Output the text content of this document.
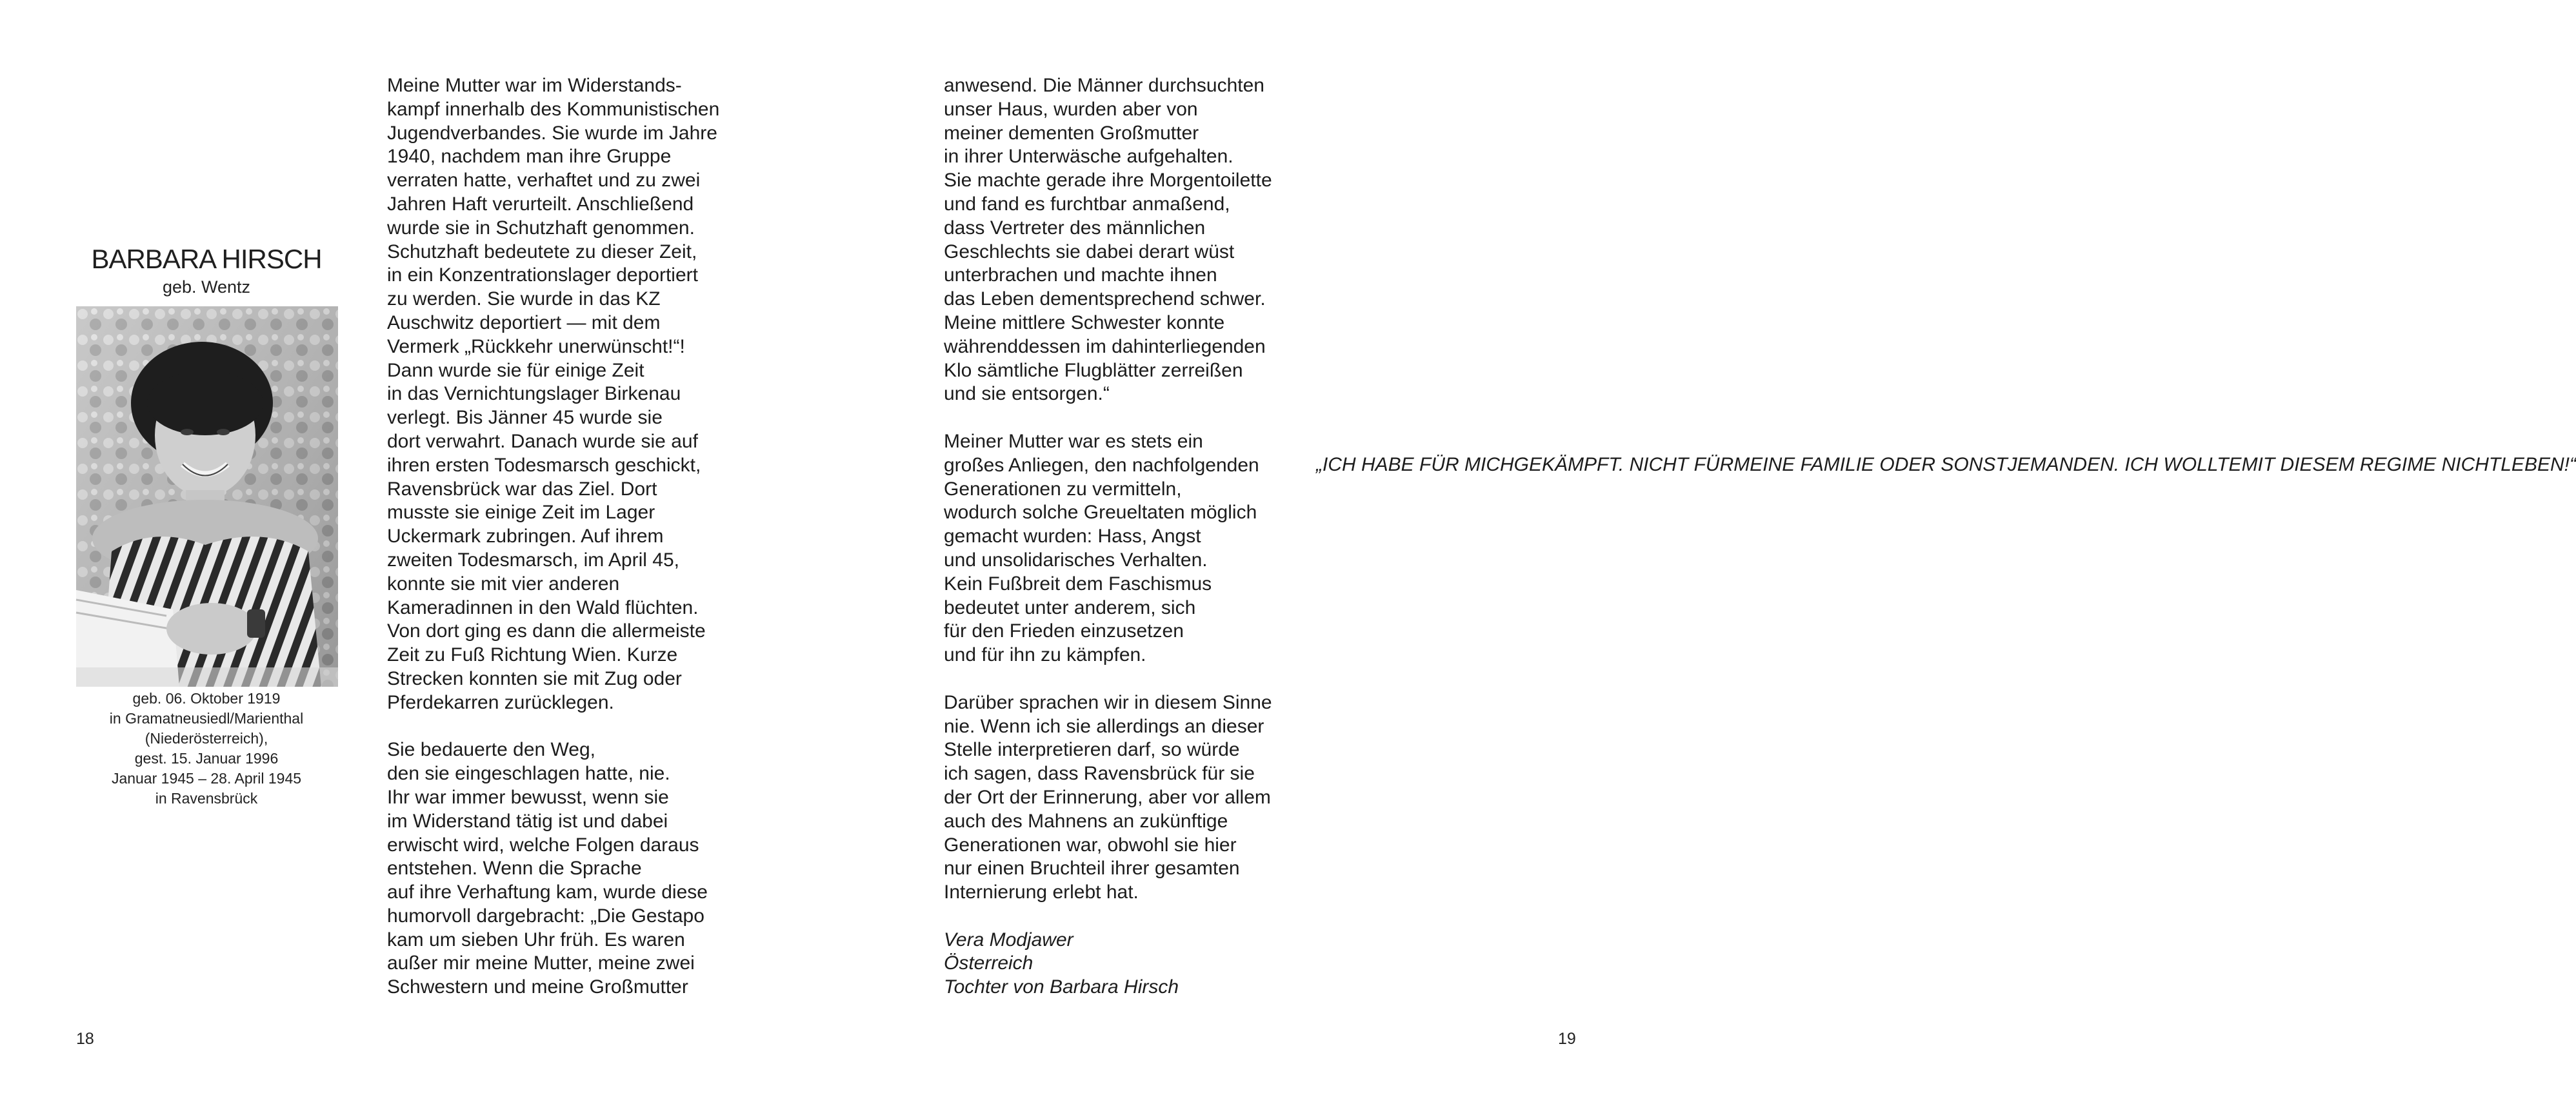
BARBARA HIRSCH
geb. Wentz
geb. 06. Oktober 1919
in Gramatneusiedl/Marienthal
(Niederösterreich),
gest. 15. Januar 1996
Januar 1945 – 28. April 1945
in Ravensbrück

Meine Mutter war im Widerstands-
kampf innerhalb des Kommunistischen
Jugendverbandes. Sie wurde im Jahre
1940, nachdem man ihre Gruppe
verraten hatte, verhaftet und zu zwei
Jahren Haft verurteilt. Anschließend
wurde sie in Schutzhaft genommen.
Schutzhaft bedeutete zu dieser Zeit,
in ein Konzentrationslager deportiert
zu werden. Sie wurde in das KZ
Auschwitz deportiert — mit dem
Vermerk „Rückkehr unerwünscht!“!
Dann wurde sie für einige Zeit
in das Vernichtungslager Birkenau
verlegt. Bis Jänner 45 wurde sie
dort verwahrt. Danach wurde sie auf
ihren ersten Todesmarsch geschickt,
Ravensbrück war das Ziel. Dort
musste sie einige Zeit im Lager
Uckermark zubringen. Auf ihrem
zweiten Todesmarsch, im April 45,
konnte sie mit vier anderen
Kameradinnen in den Wald flüchten.
Von dort ging es dann die allermeiste
Zeit zu Fuß Richtung Wien. Kurze
Strecken konnten sie mit Zug oder
Pferdekarren zurücklegen.

Sie bedauerte den Weg,
den sie eingeschlagen hatte, nie.
Ihr war immer bewusst, wenn sie
im Widerstand tätig ist und dabei
erwischt wird, welche Folgen daraus
entstehen. Wenn die Sprache
auf ihre Verhaftung kam, wurde diese
humorvoll dargebracht: „Die Gestapo
kam um sieben Uhr früh. Es waren
außer mir meine Mutter, meine zwei
Schwestern und meine Großmutter

anwesend. Die Männer durchsuchten
unser Haus, wurden aber von
meiner dementen Großmutter
in ihrer Unterwäsche aufgehalten.
Sie machte gerade ihre Morgentoilette
und fand es furchtbar anmaßend,
dass Vertreter des männlichen
Geschlechts sie dabei derart wüst
unterbrachen und machte ihnen
das Leben dementsprechend schwer.
Meine mittlere Schwester konnte
währenddessen im dahinterliegenden
Klo sämtliche Flugblätter zerreißen
und sie entsorgen.“

Meiner Mutter war es stets ein
großes Anliegen, den nachfolgenden
Generationen zu vermitteln,
wodurch solche Greueltaten möglich
gemacht wurden: Hass, Angst
und unsolidarisches Verhalten.
Kein Fußbreit dem Faschismus
bedeutet unter anderem, sich
für den Frieden einzusetzen
und für ihn zu kämpfen.

Darüber sprachen wir in diesem Sinne
nie. Wenn ich sie allerdings an dieser
Stelle interpretieren darf, so würde
ich sagen, dass Ravensbrück für sie
der Ort der Erinnerung, aber vor allem
auch des Mahnens an zukünftige
Generationen war, obwohl sie hier
nur einen Bruchteil ihrer gesamten
Internierung erlebt hat.

Vera Modjawer
Österreich
Tochter von Barbara Hirsch

„ICH HABE FÜR MICHGEKÄMPFT. NICHT FÜRMEINE FAMILIE ODER SONSTJEMANDEN. ICH WOLLTEMIT DIESEM REGIME NICHTLEBEN!“
18	19
